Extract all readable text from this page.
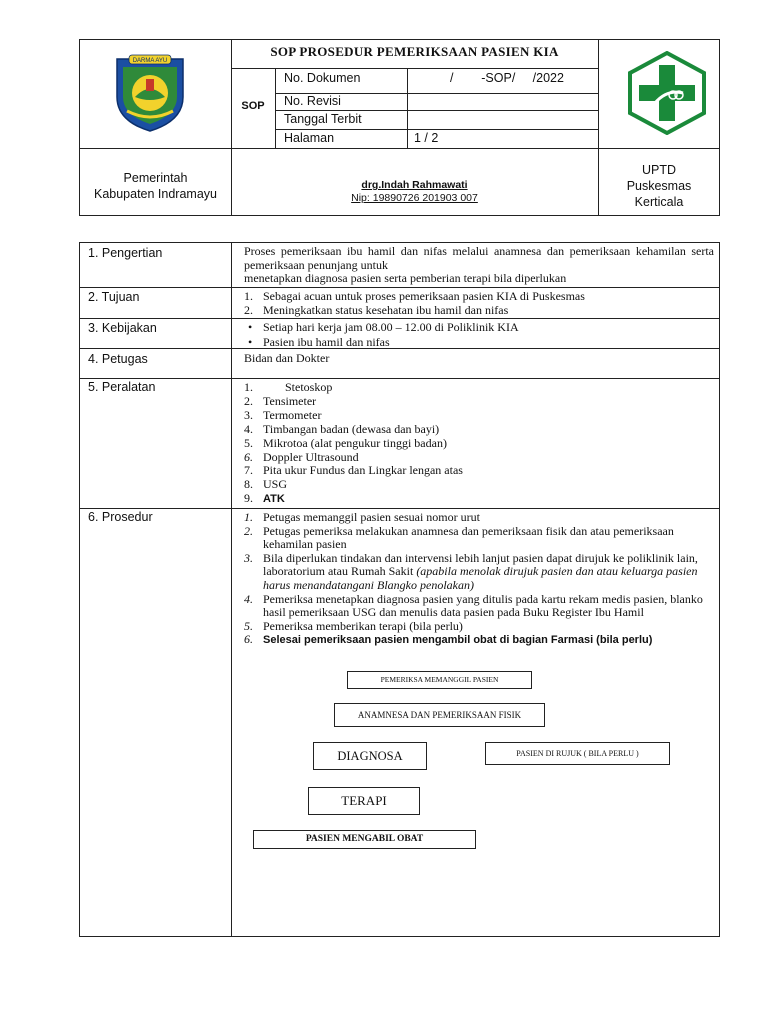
DARMA AYU
SOP PROSEDUR PEMERIKSAAN PASIEN KIA
SOP
No. Dokumen	/        -SOP/     /2022
No. Revisi
Tanggal Terbit
Halaman	1 / 2
Pemerintah
Kabupaten Indramayu
drg.Indah Rahmawati
Nip: 19890726 201903 007
UPTD
Puskesmas
Kerticala
1. Pengertian	Proses pemeriksaan ibu hamil dan nifas melalui anamnesa dan pemeriksaan kehamilan serta pemeriksaan penunjang untuk
menetapkan diagnosa pasien serta pemberian terapi bila diperlukan
2. Tujuan	1. Sebagai acuan untuk proses pemeriksaan pasien KIA di Puskesmas
2. Meningkatkan status kesehatan ibu hamil dan nifas
3. Kebijakan	• Setiap hari kerja jam 08.00 – 12.00 di Poliklinik KIA
• Pasien ibu hamil dan nifas
4. Petugas	Bidan dan Dokter
5. Peralatan	1.	Stetoskop
2. Tensimeter
3. Termometer
4. Timbangan badan (dewasa dan bayi)
5. Mikrotoa (alat pengukur tinggi badan)
6. Doppler Ultrasound
7. Pita ukur Fundus dan Lingkar lengan atas
8. USG
9. ATK
6. Prosedur	1. Petugas memanggil pasien sesuai nomor urut
2. Petugas pemeriksa melakukan anamnesa dan pemeriksaan fisik dan atau pemeriksaan kehamilan pasien
3. Bila diperlukan tindakan dan intervensi lebih lanjut pasien dapat dirujuk ke poliklinik lain, laboratorium atau Rumah Sakit (apabila menolak dirujuk pasien dan atau keluarga pasien harus menandatangani Blangko penolakan)
4. Pemeriksa menetapkan diagnosa pasien yang ditulis pada kartu rekam medis pasien, blanko hasil pemeriksaan USG dan menulis data pasien pada Buku Register Ibu Hamil
5. Pemeriksa memberikan terapi (bila perlu)
6. Selesai pemeriksaan pasien mengambil obat di bagian Farmasi (bila perlu)
PEMERIKSA MEMANGGIL PASIEN
ANAMNESA DAN PEMERIKSAAN FISIK
DIAGNOSA	PASIEN DI RUJUK ( BILA PERLU )
TERAPI
PASIEN MENGABIL OBAT
